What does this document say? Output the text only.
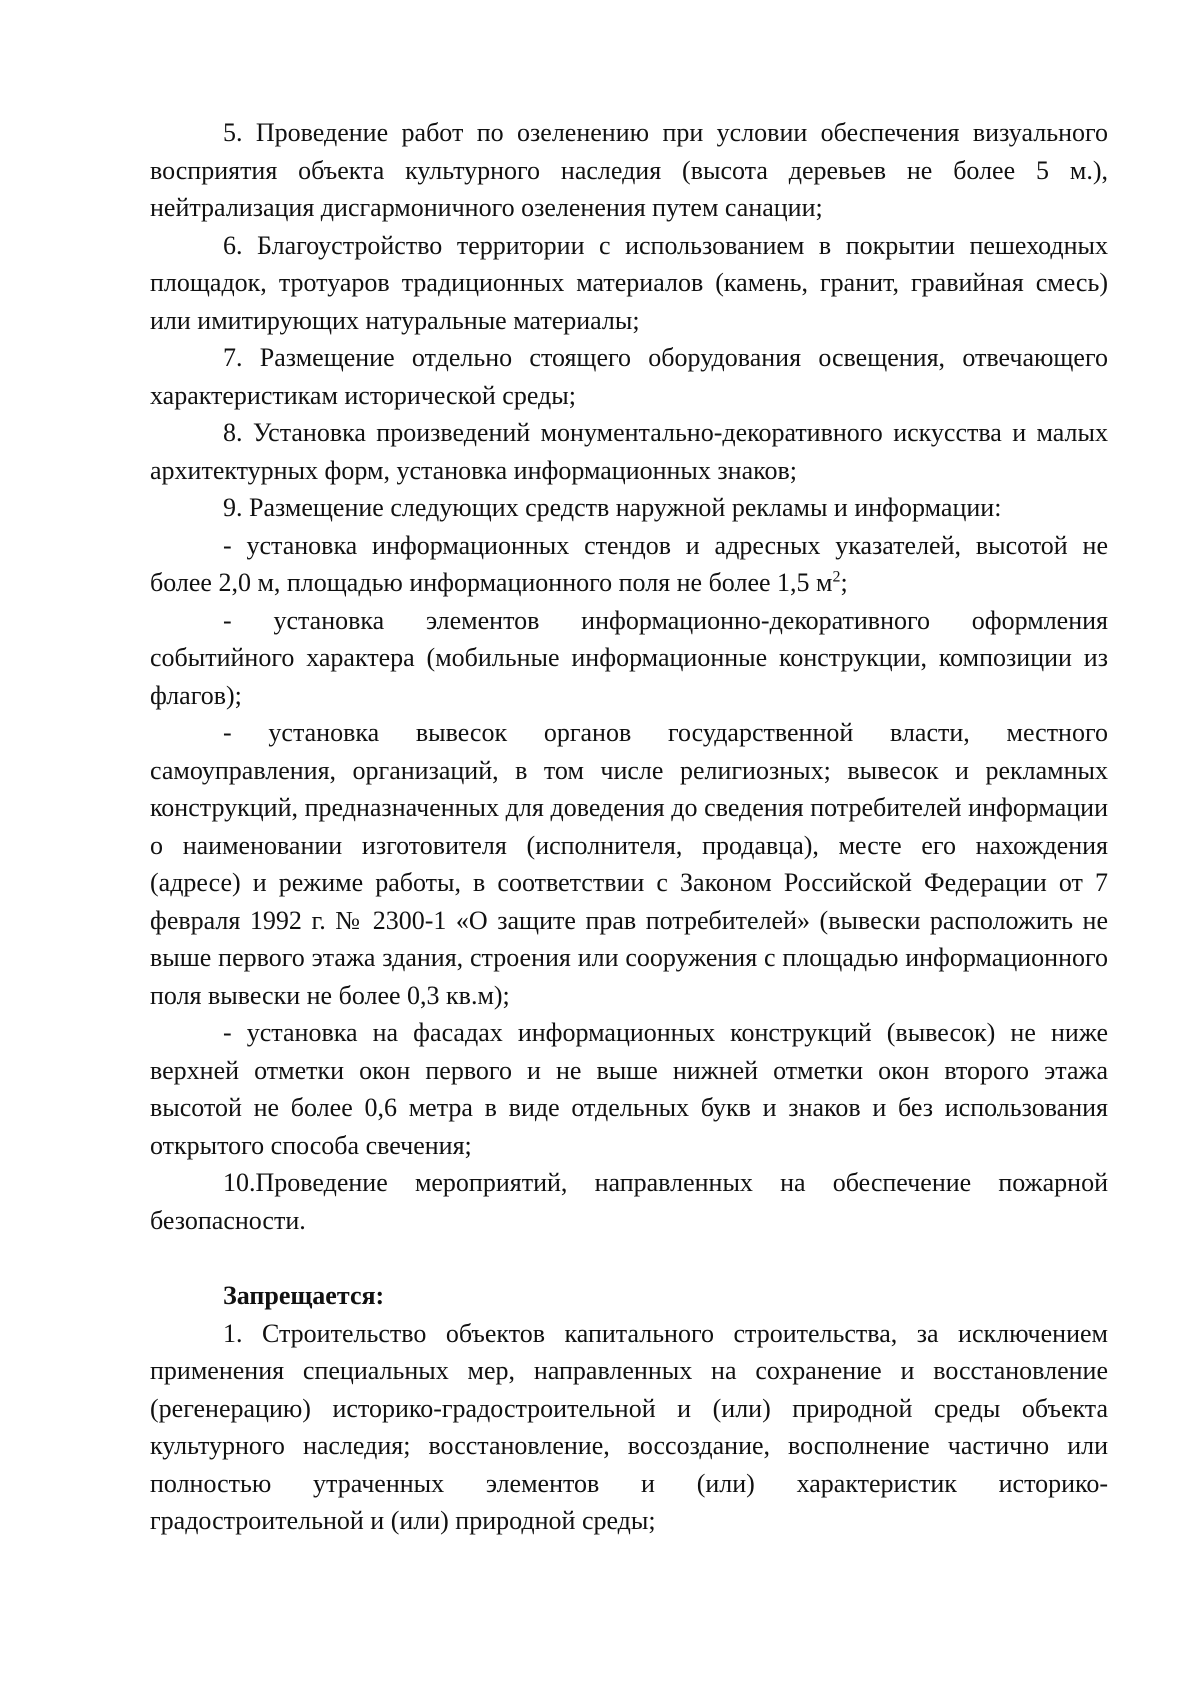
5. Проведение работ по озеленению при условии обеспечения визуального восприятия объекта культурного наследия (высота деревьев не более 5 м.), нейтрализация дисгармоничного озеленения путем санации;

6. Благоустройство территории с использованием в покрытии пешеходных площадок, тротуаров традиционных материалов (камень, гранит, гравийная смесь) или имитирующих натуральные материалы;

7. Размещение отдельно стоящего оборудования освещения, отвечающего характеристикам исторической среды;

8. Установка произведений монументально-декоративного искусства и малых архитектурных форм, установка информационных знаков;

9. Размещение следующих средств наружной рекламы и информации:

- установка информационных стендов и адресных указателей, высотой не более 2,0 м, площадью информационного поля не более 1,5 $м^2$;

- установка элементов информационно-декоративного оформления событийного характера (мобильные информационные конструкции, композиции из флагов);

- установка вывесок органов государственной власти, местного самоуправления, организаций, в том числе религиозных; вывесок и рекламных конструкций, предназначенных для доведения до сведения потребителей информации о наименовании изготовителя (исполнителя, продавца), месте его нахождения (адресе) и режиме работы, в соответствии с Законом Российской Федерации от 7 февраля 1992 г. № 2300-1 «О защите прав потребителей» (вывески расположить не выше первого этажа здания, строения или сооружения с площадью информационного поля вывески не более 0,3 кв.м);

- установка на фасадах информационных конструкций (вывесок) не ниже верхней отметки окон первого и не выше нижней отметки окон второго этажа высотой не более 0,6 метра в виде отдельных букв и знаков и без использования открытого способа свечения;

10.Проведение мероприятий, направленных на обеспечение пожарной безопасности.

Запрещается:

1. Строительство объектов капитального строительства, за исключением применения специальных мер, направленных на сохранение и восстановление (регенерацию) историко-градостроительной и (или) природной среды объекта культурного наследия; восстановление, воссоздание, восполнение частично или полностью утраченных элементов и (или) характеристик историко-градостроительной и (или) природной среды;
